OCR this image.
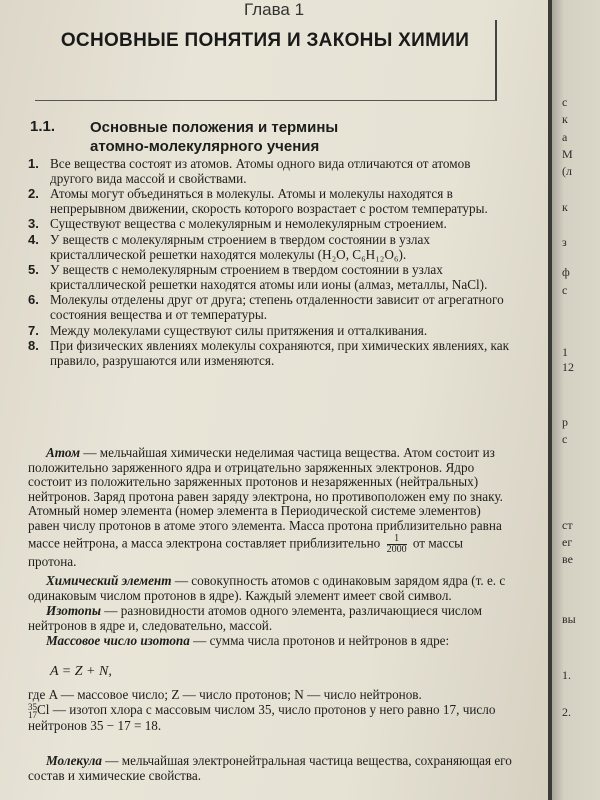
Глава 1
ОСНОВНЫЕ ПОНЯТИЯ И ЗАКОНЫ ХИМИИ
1.1. Основные положения и термины
атомно-молекулярного учения
1. Все вещества состоят из атомов. Атомы одного вида отличаются от атомов другого вида массой и свойствами.
2. Атомы могут объединяться в молекулы. Атомы и молекулы находятся в непрерывном движении, скорость которого возрастает с ростом температуры.
3. Существуют вещества с молекулярным и немолекулярным строением.
4. У веществ с молекулярным строением в твердом состоянии в узлах кристаллической решетки находятся молекулы (H₂O, C₆H₁₂O₆).
5. У веществ с немолекулярным строением в твердом состоянии в узлах кристаллической решетки находятся атомы или ионы (алмаз, металлы, NaCl).
6. Молекулы отделены друг от друга; степень отдаленности зависит от агрегатного состояния вещества и от температуры.
7. Между молекулами существуют силы притяжения и отталкивания.
8. При физических явлениях молекулы сохраняются, при химических явлениях, как правило, разрушаются или изменяются.
Атом — мельчайшая химически неделимая частица вещества. Атом состоит из положительно заряженного ядра и отрицательно заряженных электронов. Ядро состоит из положительно заряженных протонов и незаряженных (нейтральных) нейтронов. Заряд протона равен заряду электрона, но противоположен ему по знаку. Атомный номер элемента (номер элемента в Периодической системе элементов) равен числу протонов в атоме этого элемента. Масса протона приблизительно равна массе нейтрона, а масса электрона составляет приблизительно $\frac{1}{2000}$ от массы протона.
Химический элемент — совокупность атомов с одинаковым зарядом ядра (т. е. с одинаковым числом протонов в ядре). Каждый элемент имеет свой символ.
Изотопы — разновидности атомов одного элемента, различающиеся числом нейтронов в ядре и, следовательно, массой.
Массовое число изотопа — сумма числа протонов и нейтронов в ядре:
A = Z + N,
где A — массовое число; Z — число протонов; N — число нейтронов.
35
17 Cl — изотоп хлора с массовым числом 35, число протонов у него равно 17, число нейтронов 35 − 17 = 18.
Молекула — мельчайшая электронейтральная частица вещества, сохраняющая его состав и химические свойства.
с
к
а
М
(л
к
з
ф
с
1
12
р
с
ст
ег
ве
вы
1.
2.
